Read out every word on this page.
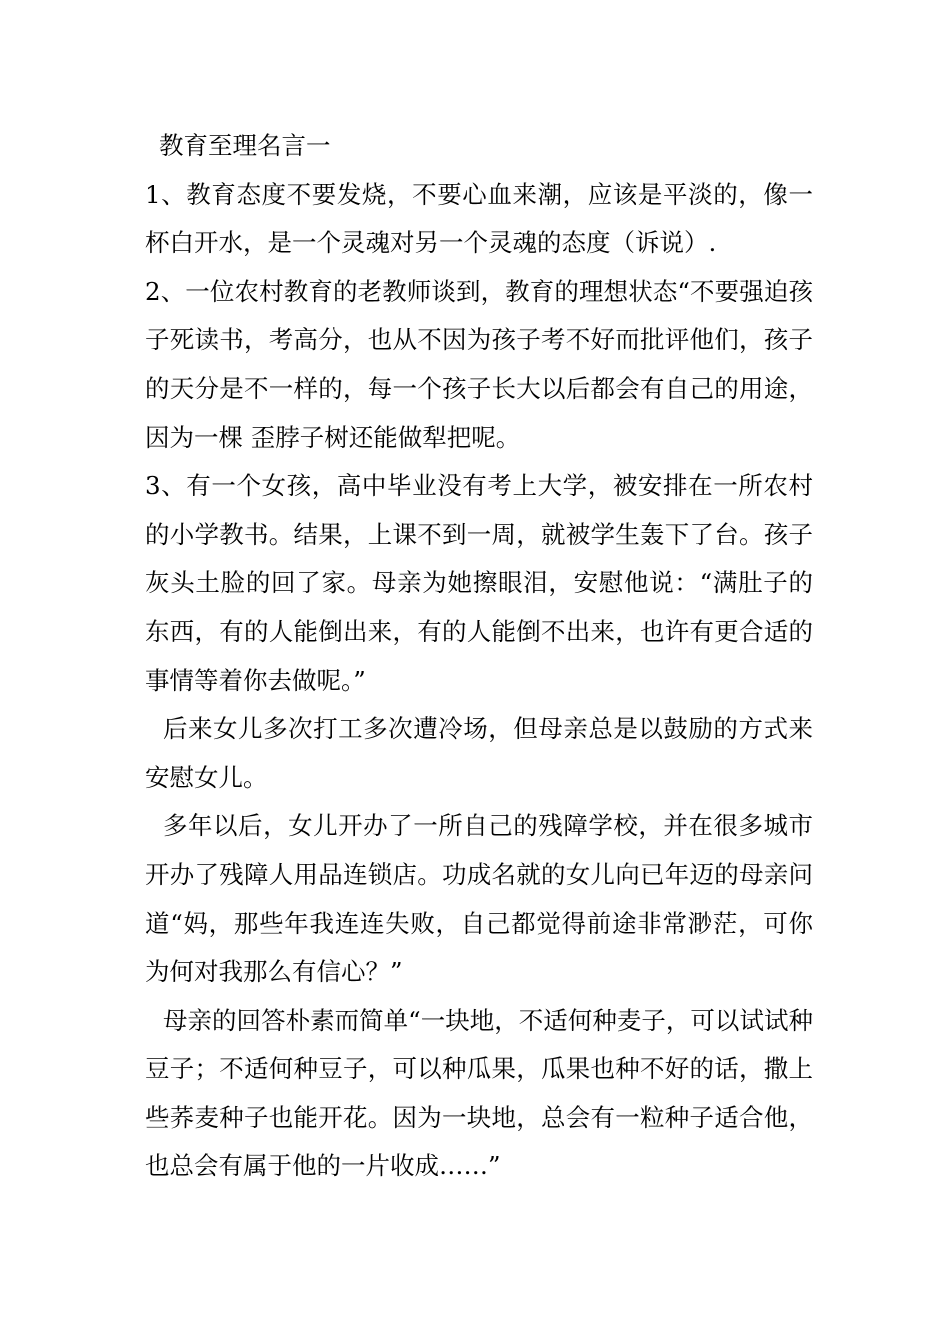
教育至理名言一

1、教育态度不要发烧，不要心血来潮，应该是平淡的，像一杯白开水，是一个灵魂对另一个灵魂的态度（诉说）.

2、一位农村教育的老教师谈到，教育的理想状态“不要强迫孩子死读书，考高分，也从不因为孩子考不好而批评他们，孩子的天分是不一样的，每一个孩子长大以后都会有自己的用途，因为一棵 歪脖子树还能做犁把呢。

3、有一个女孩，高中毕业没有考上大学，被安排在一所农村的小学教书。结果，上课不到一周，就被学生轰下了台。孩子灰头土脸的回了家。母亲为她擦眼泪，安慰他说：“满肚子的东西，有的人能倒出来，有的人能倒不出来，也许有更合适的事情等着你去做呢。”

后来女儿多次打工多次遭冷场，但母亲总是以鼓励的方式来安慰女儿。

多年以后，女儿开办了一所自己的残障学校，并在很多城市开办了残障人用品连锁店。功成名就的女儿向已年迈的母亲问道“妈，那些年我连连失败，自己都觉得前途非常渺茫，可你为何对我那么有信心？”

母亲的回答朴素而简单“一块地，不适何种麦子，可以试试种豆子；不适何种豆子，可以种瓜果，瓜果也种不好的话，撒上些荞麦种子也能开花。因为一块地，总会有一粒种子适合他，也总会有属于他的一片收成……”
